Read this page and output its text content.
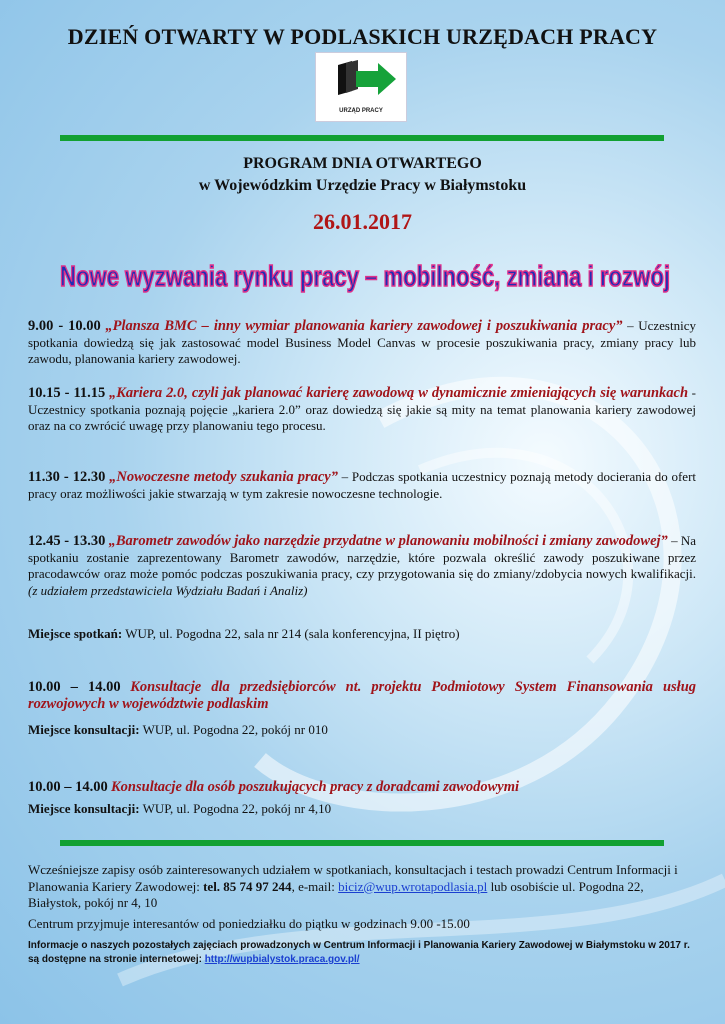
DZIEŃ OTWARTY W PODLASKICH URZĘDACH PRACY
URZĄD PRACY
PROGRAM DNIA OTWARTEGO
w Wojewódzkim Urzędzie Pracy w Białymstoku
26.01.2017
Nowe wyzwania rynku pracy – mobilność, zmiana i rozwój
9.00 - 10.00 „Plansza BMC – inny wymiar planowania kariery zawodowej i poszukiwania pracy” – Uczestnicy spotkania dowiedzą się jak zastosować model Business Model Canvas w procesie poszukiwania pracy, zmiany pracy lub zawodu, planowania kariery zawodowej.
10.15 - 11.15 „Kariera 2.0, czyli jak planować karierę zawodową w dynamicznie zmieniających się warunkach - Uczestnicy spotkania poznają pojęcie „kariera 2.0” oraz dowiedzą się jakie są mity na temat planowania kariery zawodowej oraz na co zwrócić uwagę przy planowaniu tego procesu.
11.30 - 12.30 „Nowoczesne metody szukania pracy” – Podczas spotkania uczestnicy poznają metody docierania do ofert pracy oraz możliwości jakie stwarzają w tym zakresie nowoczesne technologie.
12.45 - 13.30 „Barometr zawodów jako narzędzie przydatne w planowaniu mobilności i zmiany zawodowej” – Na spotkaniu zostanie zaprezentowany Barometr zawodów, narzędzie, które pozwala określić zawody poszukiwane przez pracodawców oraz może pomóc podczas poszukiwania pracy, czy przygotowania się do zmiany/zdobycia nowych kwalifikacji. (z udziałem przedstawiciela Wydziału Badań i Analiz)
Miejsce spotkań: WUP, ul. Pogodna 22, sala nr 214 (sala konferencyjna, II piętro)
10.00 – 14.00 Konsultacje dla przedsiębiorców nt. projektu Podmiotowy System Finansowania usług rozwojowych w województwie podlaskim
Miejsce konsultacji: WUP, ul. Pogodna 22, pokój nr 010
10.00 – 14.00 Konsultacje dla osób poszukujących pracy z doradcami zawodowymi
Miejsce konsultacji: WUP, ul. Pogodna 22, pokój nr 4,10
Wcześniejsze zapisy osób zainteresowanych udziałem w spotkaniach, konsultacjach i testach prowadzi Centrum Informacji i Planowania Kariery Zawodowej: tel. 85 74 97 244, e-mail: biciz@wup.wrotapodlasia.pl lub osobiście ul. Pogodna 22, Białystok, pokój nr 4, 10
Centrum przyjmuje interesantów od poniedziałku do piątku w godzinach 9.00 -15.00
Informacje o naszych pozostałych zajęciach prowadzonych w Centrum Informacji i Planowania Kariery Zawodowej w Białymstoku w 2017 r. są dostępne na stronie internetowej: http://wupbialystok.praca.gov.pl/
